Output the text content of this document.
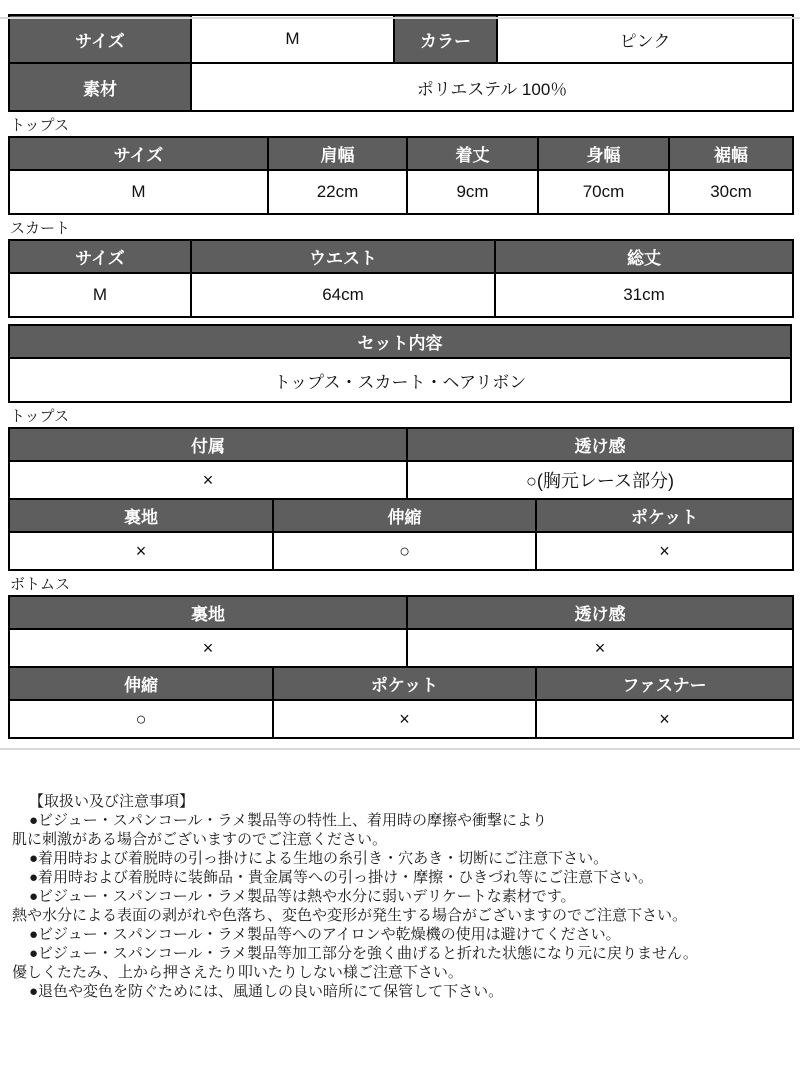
サイズ	M	カラー	ピンク
素材	ポリエステル 100％		
トップス
サイズ	肩幅	着丈	身幅	裾幅
M	22cm	9cm	70cm	30cm
スカート
サイズ	ウエスト	総丈
M	64cm	31cm
セット内容
トップス・スカート・ヘアリボン
トップス
付属	透け感
×	○(胸元レース部分)
裏地	伸縮	ポケット
×	○	×
ボトムス
裏地	透け感
×	×
伸縮	ポケット	ファスナー
○	×	×
【取扱い及び注意事項】
●ビジュー・スパンコール・ラメ製品等の特性上、着用時の摩擦や衝撃により
肌に刺激がある場合がございますのでご注意ください。
●着用時および着脱時の引っ掛けによる生地の糸引き・穴あき・切断にご注意下さい。
●着用時および着脱時に装飾品・貴金属等への引っ掛け・摩擦・ひきづれ等にご注意下さい。
●ビジュー・スパンコール・ラメ製品等は熱や水分に弱いデリケートな素材です。
熱や水分による表面の剥がれや色落ち、変色や変形が発生する場合がございますのでご注意下さい。
●ビジュー・スパンコール・ラメ製品等へのアイロンや乾燥機の使用は避けてください。
●ビジュー・スパンコール・ラメ製品等加工部分を強く曲げると折れた状態になり元に戻りません。
優しくたたみ、上から押さえたり叩いたりしない様ご注意下さい。
●退色や変色を防ぐためには、風通しの良い暗所にて保管して下さい。
